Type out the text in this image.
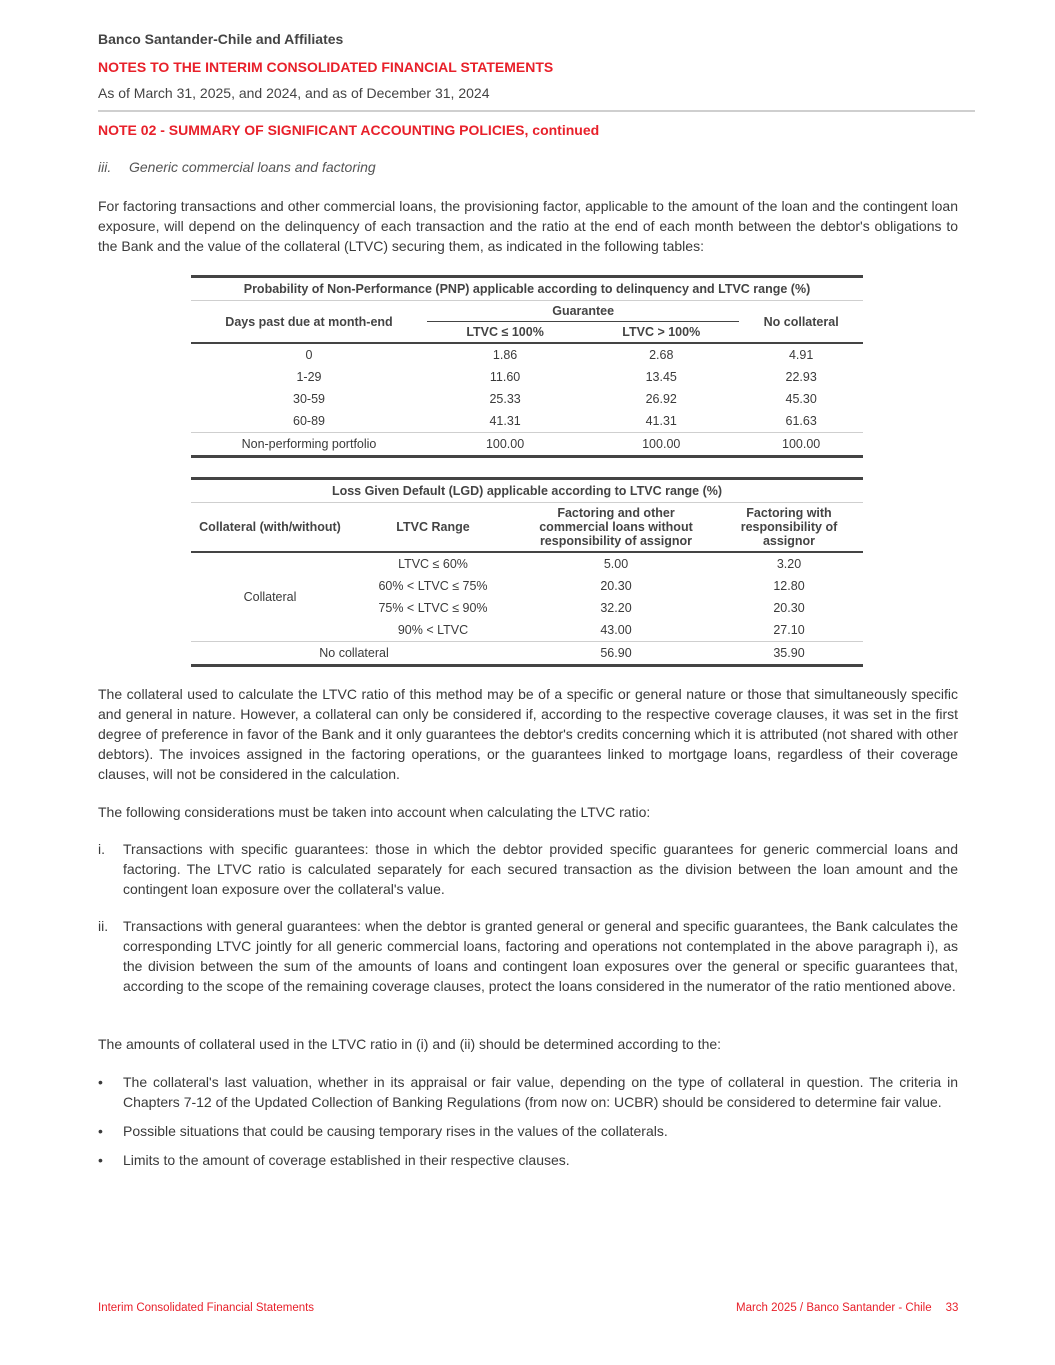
Banco Santander-Chile and Affiliates
NOTES TO THE INTERIM CONSOLIDATED FINANCIAL STATEMENTS
As of March 31, 2025, and 2024, and as of December 31, 2024
NOTE 02 - SUMMARY OF SIGNIFICANT ACCOUNTING POLICIES, continued
iii. Generic commercial loans and factoring
For factoring transactions and other commercial loans, the provisioning factor, applicable to the amount of the loan and the contingent loan exposure, will depend on the delinquency of each transaction and the ratio at the end of each month between the debtor's obligations to the Bank and the value of the collateral (LTVC) securing them, as indicated in the following tables:
Probability of Non-Performance (PNP) applicable according to delinquency and LTVC range (%)			
Days past due at month-end	Guarantee		No collateral
	LTVC ≤ 100%	LTVC > 100%	
0	1.86	2.68	4.91
1-29	11.60	13.45	22.93
30-59	25.33	26.92	45.30
60-89	41.31	41.31	61.63
Non-performing portfolio	100.00	100.00	100.00
Loss Given Default (LGD) applicable according to LTVC range (%)			
Collateral (with/without)	LTVC Range	Factoring and other commercial loans without responsibility of assignor	Factoring with responsibility of assignor
Collateral	LTVC ≤ 60%	5.00	3.20
	60% < LTVC ≤ 75%	20.30	12.80
	75% < LTVC ≤ 90%	32.20	20.30
	90% < LTVC	43.00	27.10
No collateral		56.90	35.90
The collateral used to calculate the LTVC ratio of this method may be of a specific or general nature or those that simultaneously specific and general in nature. However, a collateral can only be considered if, according to the respective coverage clauses, it was set in the first degree of preference in favor of the Bank and it only guarantees the debtor's credits concerning which it is attributed (not shared with other debtors). The invoices assigned in the factoring operations, or the guarantees linked to mortgage loans, regardless of their coverage clauses, will not be considered in the calculation.
The following considerations must be taken into account when calculating the LTVC ratio:
i. Transactions with specific guarantees: those in which the debtor provided specific guarantees for generic commercial loans and factoring. The LTVC ratio is calculated separately for each secured transaction as the division between the loan amount and the contingent loan exposure over the collateral's value.
ii. Transactions with general guarantees: when the debtor is granted general or general and specific guarantees, the Bank calculates the corresponding LTVC jointly for all generic commercial loans, factoring and operations not contemplated in the above paragraph i), as the division between the sum of the amounts of loans and contingent loan exposures over the general or specific guarantees that, according to the scope of the remaining coverage clauses, protect the loans considered in the numerator of the ratio mentioned above.
The amounts of collateral used in the LTVC ratio in (i) and (ii) should be determined according to the:
• The collateral's last valuation, whether in its appraisal or fair value, depending on the type of collateral in question. The criteria in Chapters 7-12 of the Updated Collection of Banking Regulations (from now on: UCBR) should be considered to determine fair value.
• Possible situations that could be causing temporary rises in the values of the collaterals.
• Limits to the amount of coverage established in their respective clauses.
Interim Consolidated Financial Statements	March 2025 / Banco Santander - Chile 33
